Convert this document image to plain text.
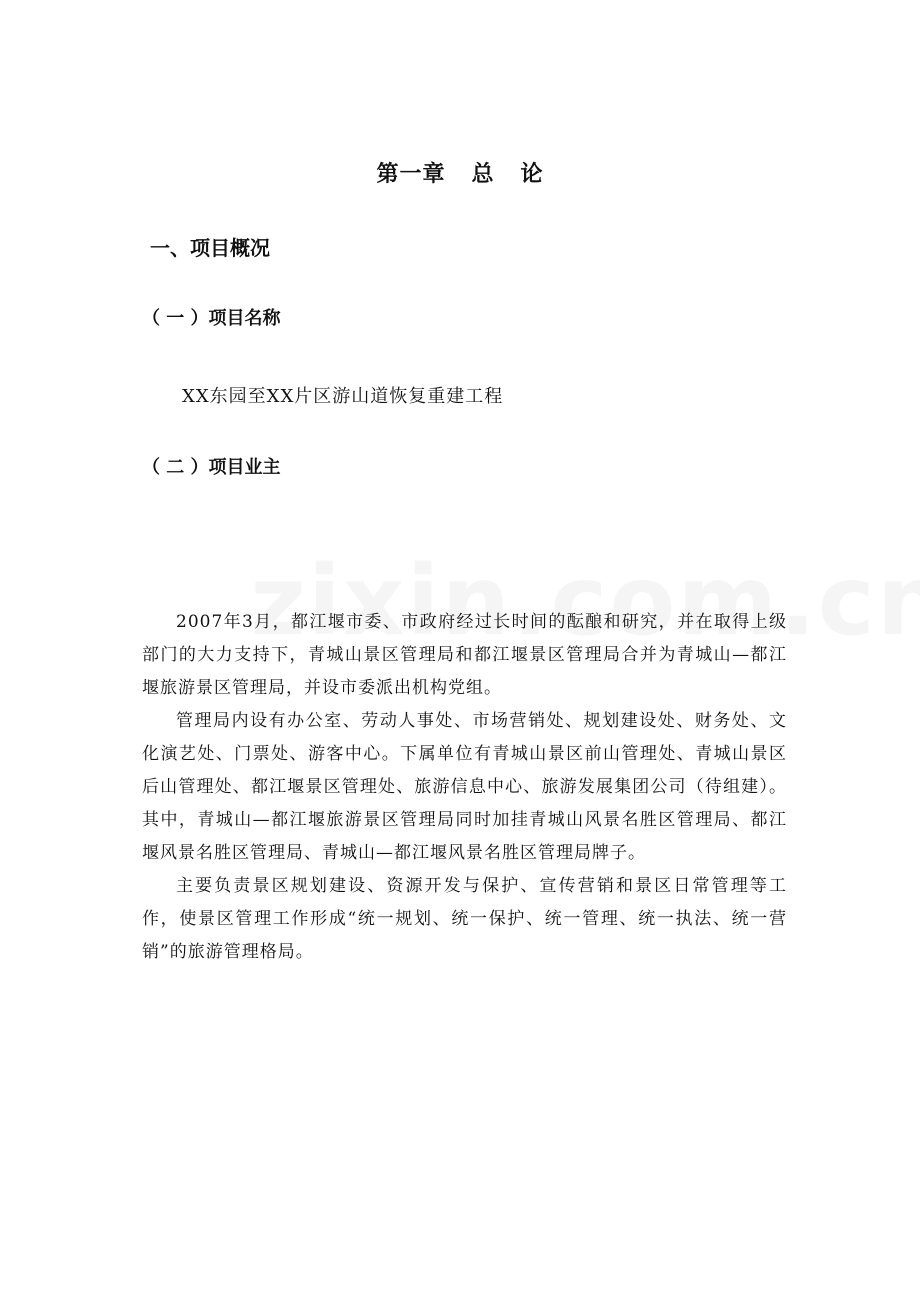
第一章   总   论
一、项目概况
（ 一 ）项目名称
XX东园至XX片区游山道恢复重建工程
（ 二 ）项目业主

2007年3月，都江堰市委、市政府经过长时间的酝酿和研究，并在取得上级部门的大力支持下，青城山景区管理局和都江堰景区管理局合并为青城山—都江堰旅游景区管理局，并设市委派出机构党组。

管理局内设有办公室、劳动人事处、市场营销处、规划建设处、财务处、文化演艺处、门票处、游客中心。下属单位有青城山景区前山管理处、青城山景区后山管理处、都江堰景区管理处、旅游信息中心、旅游发展集团公司（待组建）。其中，青城山—都江堰旅游景区管理局同时加挂青城山风景名胜区管理局、都江堰风景名胜区管理局、青城山—都江堰风景名胜区管理局牌子。

主要负责景区规划建设、资源开发与保护、宣传营销和景区日常管理等工作，使景区管理工作形成“统一规划、统一保护、统一管理、统一执法、统一营销”的旅游管理格局。
